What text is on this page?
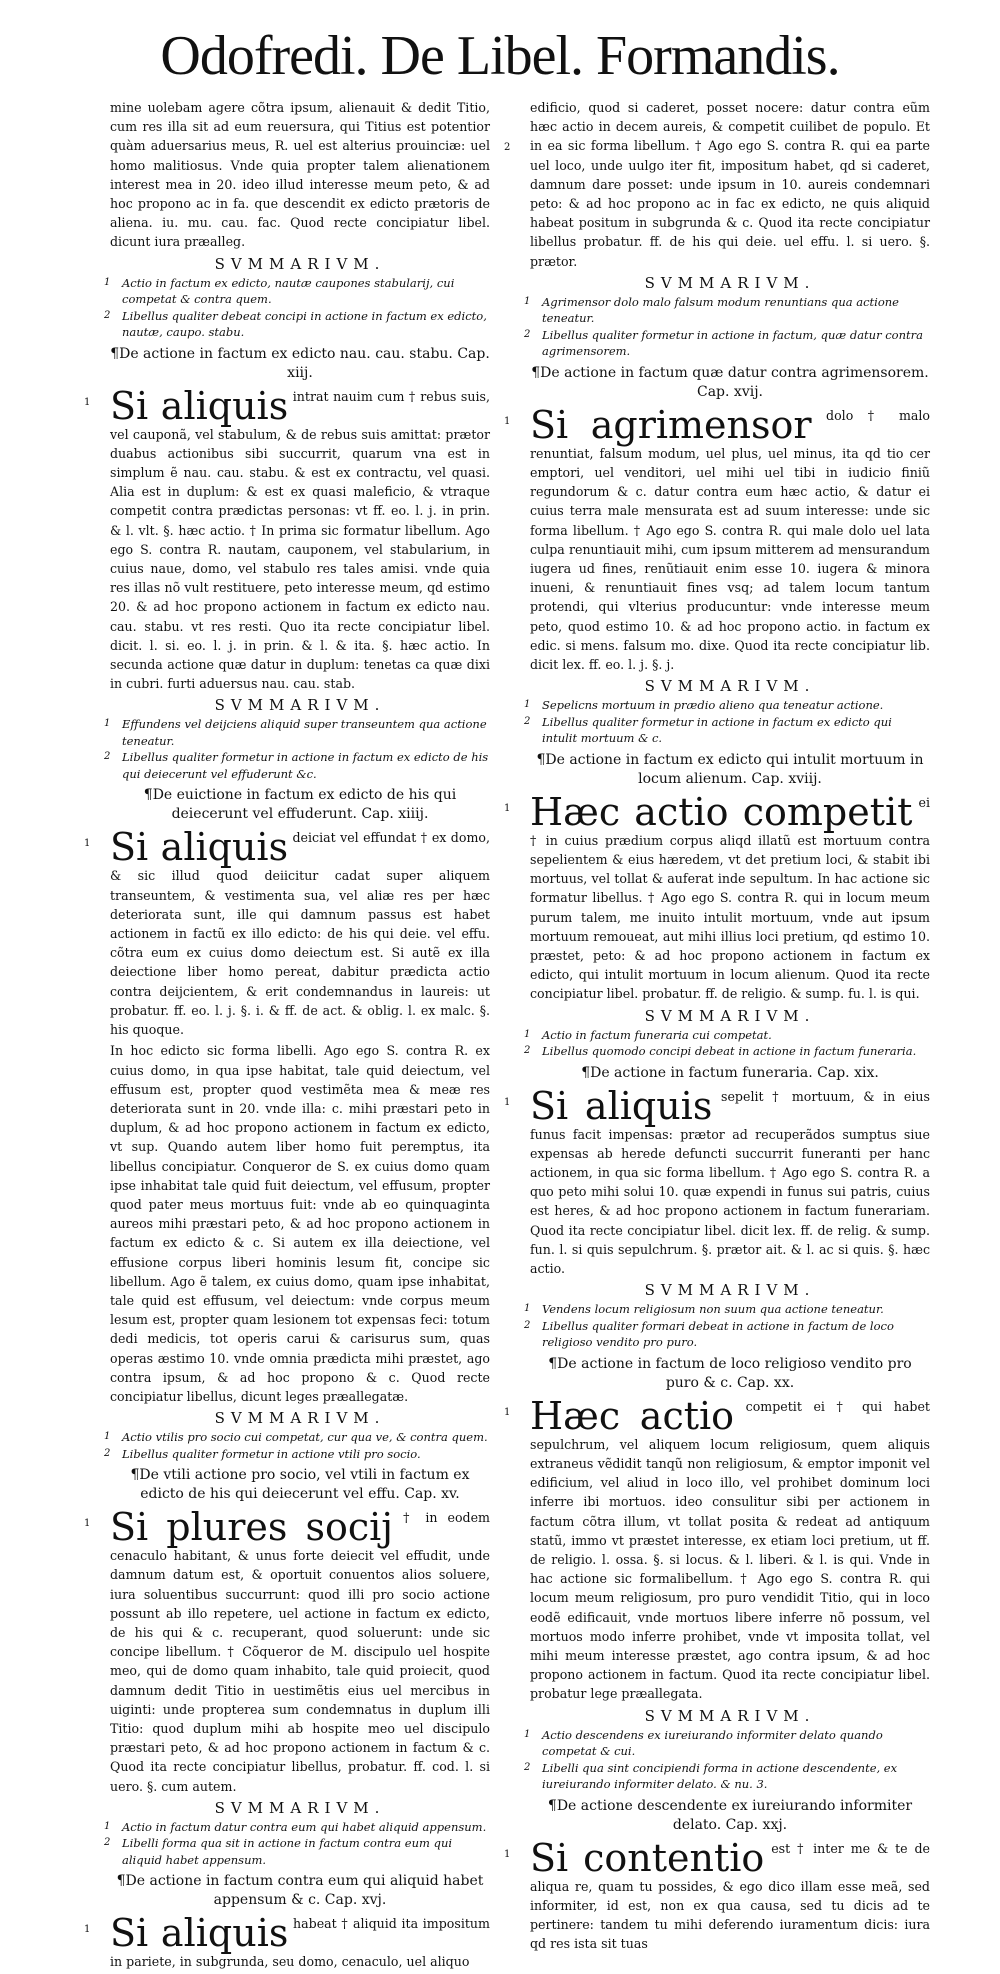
Odofredi. De Libel. Formandis.

mine uolebam agere cõtra ipsum, alienauit & dedit Titio, cum res illa sit ad eum reuersura, qui Titius est potentior quàm aduersarius meus, R. uel est alterius prouinciæ: uel homo malitiosus. Vnde quia propter talem alienationem interest mea in 20. ideo illud interesse meum peto, & ad hoc propono ac in fa. que descendit ex edicto prætoris de aliena. iu. mu. cau. fac. Quod recte concipiatur libel. dicunt iura præalleg.

SVMMARIVM.
1 Actio in factum ex edicto, nautæ caupones stabularij, cui competat & contra quem.
2 Libellus qualiter debeat concipi in actione in factum ex edicto, nautæ, caupo. stabu.
¶De actione in factum ex edicto nau. cau. stabu. Cap. xiij.

1 Si aliquis intrat nauim cum † rebus suis, vel cauponã, vel stabulum, & de rebus suis amittat: prætor duabus actionibus sibi succurrit, quarum vna est in simplum ẽ nau. cau. stabu. & est ex contractu, vel quasi. Alia est in duplum: & est ex quasi maleficio, & vtraque competit contra prædictas personas: vt ff. eo. l. j. in prin. & l. vlt. §. hæc actio. † In prima sic formatur libellum. Ago ego S. contra R. nautam, cauponem, vel stabularium, in cuius naue, domo, vel stabulo res tales amisi. vnde quia res illas nõ vult restituere, peto interesse meum, qd estimo 20. & ad hoc propono actionem in factum ex edicto nau. cau. stabu. vt res resti. Quo ita recte concipiatur libel. dicit. l. si. eo. l. j. in prin. & l. & ita. §. hæc actio. In secunda actione quæ datur in duplum: tenetas ca quæ dixi in cubri. furti aduersus nau. cau. stab.

SVMMARIVM.
1 Effundens vel deijciens aliquid super transeuntem qua actione teneatur.
2 Libellus qualiter formetur in actione in factum ex edicto de his qui deiecerunt vel effuderunt &c.
¶De euictione in factum ex edicto de his qui deiecerunt vel effuderunt. Cap. xiiij.

1 Si aliquis deiciat vel effundat † ex domo, & sic illud quod deiicitur cadat super aliquem transeuntem, & vestimenta sua, vel aliæ res per hæc deteriorata sunt, ille qui damnum passus est habet actionem in factũ ex illo edicto: de his qui deie. vel effu. cõtra eum ex cuius domo deiectum est. Si autẽ ex illa deiectione liber homo pereat, dabitur prædicta actio contra deijcientem, & erit condemnandus in laureis: ut probatur. ff. eo. l. j. §. i. & ff. de act. & oblig. l. ex malc. §. his quoque.

In hoc edicto sic forma libelli. Ago ego S. contra R. ex cuius domo, in qua ipse habitat, tale quid deiectum, vel effusum est, propter quod vestimẽta mea & meæ res deteriorata sunt in 20. vnde illa: c. mihi præstari peto in duplum, & ad hoc propono actionem in factum ex edicto, vt sup. Quando autem liber homo fuit peremptus, ita libellus concipiatur. Conqueror de S. ex cuius domo quam ipse inhabitat tale quid fuit deiectum, vel effusum, propter quod pater meus mortuus fuit: vnde ab eo quinquaginta aureos mihi præstari peto, & ad hoc propono actionem in factum ex edicto & c. Si autem ex illa deiectione, vel effusione corpus liberi hominis lesum fit, concipe sic libellum. Ago ẽ talem, ex cuius domo, quam ipse inhabitat, tale quid est effusum, vel deiectum: vnde corpus meum lesum est, propter quam lesionem tot expensas feci: totum dedi medicis, tot operis carui & carisurus sum, quas operas æstimo 10. vnde omnia prædicta mihi præstet, ago contra ipsum, & ad hoc propono & c. Quod recte concipiatur libellus, dicunt leges præallegatæ.

SVMMARIVM.
1 Actio vtilis pro socio cui competat, cur qua ve, & contra quem.
2 Libellus qualiter formetur in actione vtili pro socio.
¶De vtili actione pro socio, vel vtili in factum ex edicto de his qui deiecerunt vel effu. Cap. xv.

1 Si plures socij † in eodem cenaculo habitant, & unus forte deiecit vel effudit, unde damnum datum est, & oportuit conuentos alios soluere, iura soluentibus succurrunt: quod illi pro socio actione possunt ab illo repetere, uel actione in factum ex edicto, de his qui & c. recuperant, quod soluerunt: unde sic concipe libellum. † Cõqueror de M. discipulo uel hospite meo, qui de domo quam inhabito, tale quid proiecit, quod damnum dedit Titio in uestimẽtis eius uel mercibus in uiginti: unde propterea sum condemnatus in duplum illi Titio: quod duplum mihi ab hospite meo uel discipulo præstari peto, & ad hoc propono actionem in factum & c. Quod ita recte concipiatur libellus, probatur. ff. cod. l. si uero. §. cum autem.

SVMMARIVM.
1 Actio in factum datur contra eum qui habet aliquid appensum.
2 Libelli forma qua sit in actione in factum contra eum qui aliquid habet appensum.
¶De actione in factum contra eum qui aliquid habet appensum & c. Cap. xvj.

1 Si aliquis habeat † aliquid ita impositum in pariete, in subgrunda, seu domo, cenaculo, uel aliquo

2
edificio, quod si caderet, posset nocere: datur contra eũm hæc actio in decem aureis, & competit cuilibet de populo. Et in ea sic forma libellum. † Ago ego S. contra R. qui ea parte uel loco, unde uulgo iter fit, impositum habet, qd si caderet, damnum dare posset: unde ipsum in 10. aureis condemnari peto: & ad hoc propono ac in fac ex edicto, ne quis aliquid habeat positum in subgrunda & c. Quod ita recte concipiatur libellus probatur. ff. de his qui deie. uel effu. l. si uero. §. prætor.

SVMMARIVM.
1 Agrimensor dolo malo falsum modum renuntians qua actione teneatur.
2 Libellus qualiter formetur in actione in factum, quæ datur contra agrimensorem.
¶De actione in factum quæ datur contra agrimensorem. Cap. xvij.

1 Si agrimensor dolo † malo renuntiat, falsum modum, uel plus, uel minus, ita qd tio cer emptori, uel venditori, uel mihi uel tibi in iudicio finiũ regundorum & c. datur contra eum hæc actio, & datur ei cuius terra male mensurata est ad suum interesse: unde sic forma libellum. † Ago ego S. contra R. qui male dolo uel lata culpa renuntiauit mihi, cum ipsum mitterem ad mensurandum iugera ud fines, renũtiauit enim esse 10. iugera & minora inueni, & renuntiauit fines vsq; ad talem locum tantum protendi, qui vlterius producuntur: vnde interesse meum peto, quod estimo 10. & ad hoc propono actio. in factum ex edic. si mens. falsum mo. dixe. Quod ita recte concipiatur lib. dicit lex. ff. eo. l. j. §. j.

SVMMARIVM.
1 Sepelicns mortuum in prædio alieno qua teneatur actione.
2 Libellus qualiter formetur in actione in factum ex edicto qui intulit mortuum & c.
¶De actione in factum ex edicto qui intulit mortuum in locum alienum. Cap. xviij.

1 Hæc actio competit ei † in cuius prædium corpus aliqd illatũ est mortuum contra sepelientem & eius hæredem, vt det pretium loci, & stabit ibi mortuus, vel tollat & auferat inde sepultum. In hac actione sic formatur libellus. † Ago ego S. contra R. qui in locum meum purum talem, me inuito intulit mortuum, vnde aut ipsum mortuum remoueat, aut mihi illius loci pretium, qd estimo 10. præstet, peto: & ad hoc propono actionem in factum ex edicto, qui intulit mortuum in locum alienum. Quod ita recte concipiatur libel. probatur. ff. de religio. & sump. fu. l. is qui.

SVMMARIVM.
1 Actio in factum funeraria cui competat.
2 Libellus quomodo concipi debeat in actione in factum funeraria.
¶De actione in factum funeraria. Cap. xix.

1 Si aliquis sepelit † mortuum, & in eius funus facit impensas: prætor ad recuperãdos sumptus siue expensas ab herede defuncti succurrit funeranti per hanc actionem, in qua sic forma libellum. † Ago ego S. contra R. a quo peto mihi solui 10. quæ expendi in funus sui patris, cuius est heres, & ad hoc propono actionem in factum funerariam. Quod ita recte concipiatur libel. dicit lex. ff. de relig. & sump. fun. l. si quis sepulchrum. §. prætor ait. & l. ac si quis. §. hæc actio.

SVMMARIVM.
1 Vendens locum religiosum non suum qua actione teneatur.
2 Libellus qualiter formari debeat in actione in factum de loco religioso vendito pro puro.
¶De actione in factum de loco religioso vendito pro puro & c. Cap. xx.

1 Hæc actio competit ei † qui habet sepulchrum, vel aliquem locum religiosum, quem aliquis extraneus vẽdidit tanqũ non religiosum, & emptor imponit vel edificium, vel aliud in loco illo, vel prohibet dominum loci inferre ibi mortuos. ideo consulitur sibi per actionem in factum cõtra illum, vt tollat posita & redeat ad antiquum statũ, immo vt præstet interesse, ex etiam loci pretium, ut ff. de religio. l. ossa. §. si locus. & l. liberi. & l. is qui. Vnde in hac actione sic formalibellum. † Ago ego S. contra R. qui locum meum religiosum, pro puro vendidit Titio, qui in loco eodẽ edificauit, vnde mortuos libere inferre nõ possum, vel mortuos modo inferre prohibet, vnde vt imposita tollat, vel mihi meum interesse præstet, ago contra ipsum, & ad hoc propono actionem in factum. Quod ita recte concipiatur libel. probatur lege præallegata.

SVMMARIVM.
1 Actio descendens ex iureiurando informiter delato quando competat & cui.
2 Libelli qua sint concipiendi forma in actione descendente, ex iureiurando informiter delato. & nu. 3.
¶De actione descendente ex iureiurando informiter delato. Cap. xxj.

1 Si contentio est † inter me & te de aliqua re, quam tu possides, & ego dico illam esse meã, sed informiter, id est, non ex qua causa, sed tu dicis ad te pertinere: tandem tu mihi deferendo iuramentum dicis: iura qd res ista sit tuas
